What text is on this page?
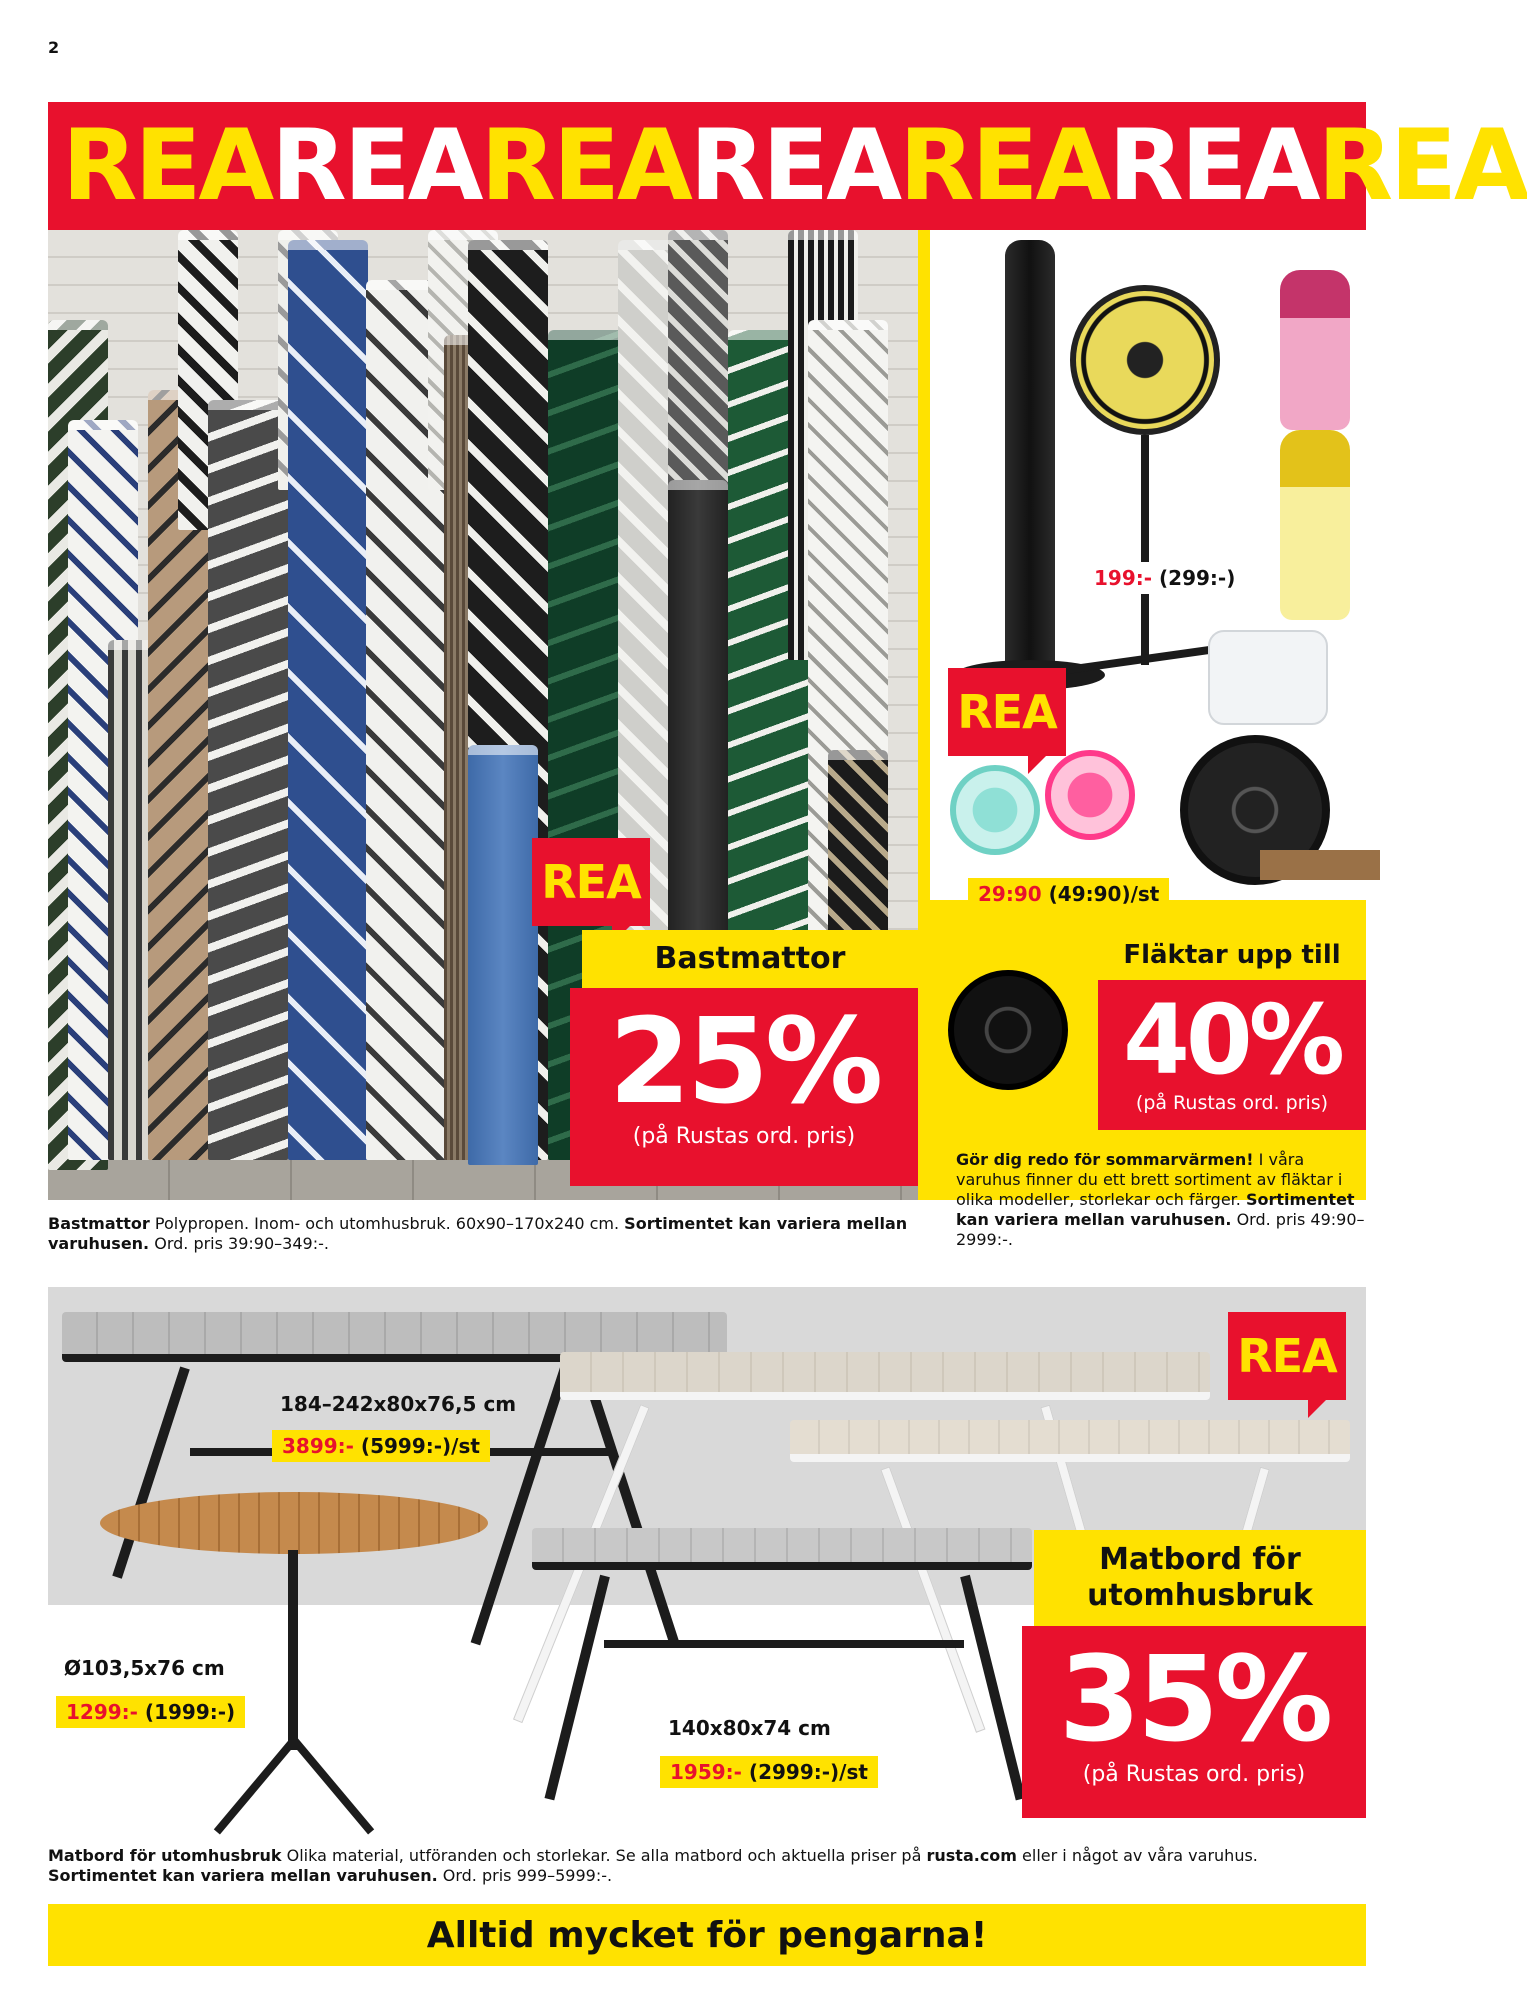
2
REA REA REA REA REA REA REA
REA
Bastmattor
25%
(på Rustas ord. pris)
199:- (299:-)
REA
29:90 (49:90)/st
Fläktar upp till
40%
(på Rustas ord. pris)
Gör dig redo för sommarvärmen! I våra varuhus finner du ett brett sortiment av fläktar i olika modeller, storlekar och färger. Sortimentet kan variera mellan varuhusen. Ord. pris 49:90–2999:-.
Bastmattor Polypropen. Inom- och utomhusbruk. 60x90–170x240 cm. Sortimentet kan variera mellan varuhusen. Ord. pris 39:90–349:-.
184–242x80x76,5 cm
3899:- (5999:-)/st
Ø103,5x76 cm
1299:- (1999:-)
140x80x74 cm
1959:- (2999:-)/st
REA
Matbord för
utomhusbruk
35%
(på Rustas ord. pris)
Matbord för utomhusbruk Olika material, utföranden och storlekar. Se alla matbord och aktuella priser på rusta.com eller i något av våra varuhus.
Sortimentet kan variera mellan varuhusen. Ord. pris 999–5999:-.
Alltid mycket för pengarna!
